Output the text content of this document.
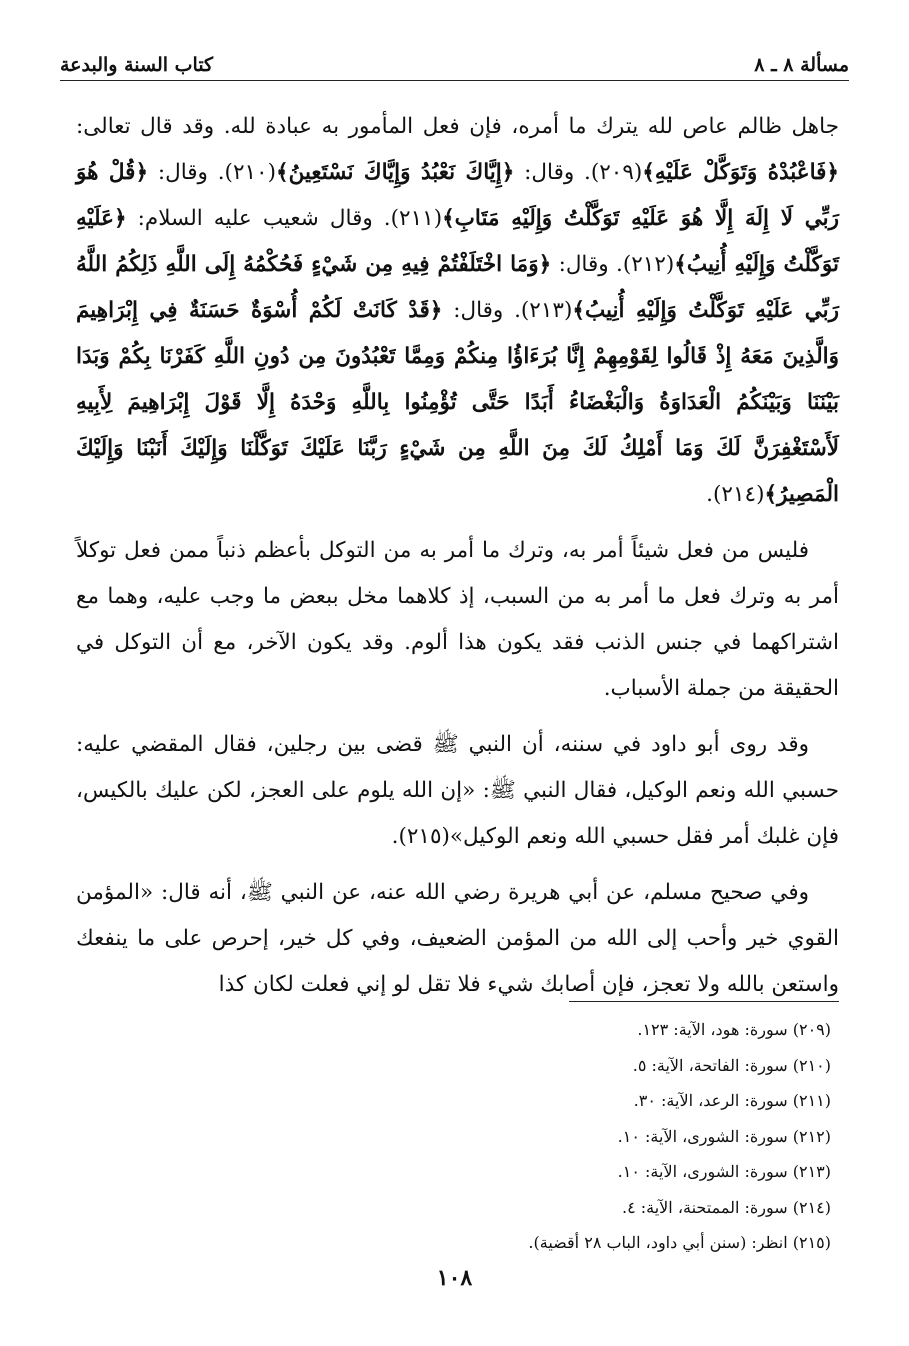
مسألة ٨ ـ ٨
كتاب السنة والبدعة

جاهل ظالم عاص لله يترك ما أمره، فإن فعل المأمور به عبادة لله. وقد قال تعالى: ﴿فَاعْبُدْهُ وَتَوَكَّلْ عَلَيْهِ﴾(٢٠٩). وقال: ﴿إِيَّاكَ نَعْبُدُ وَإِيَّاكَ نَسْتَعِينُ﴾(٢١٠). وقال: ﴿قُلْ هُوَ رَبِّي لَا إِلَهَ إِلَّا هُوَ عَلَيْهِ تَوَكَّلْتُ وَإِلَيْهِ مَتَابِ﴾(٢١١). وقال شعيب عليه السلام: ﴿عَلَيْهِ تَوَكَّلْتُ وَإِلَيْهِ أُنِيبُ﴾(٢١٢). وقال: ﴿وَمَا اخْتَلَفْتُمْ فِيهِ مِن شَيْءٍ فَحُكْمُهُ إِلَى اللَّهِ ذَلِكُمُ اللَّهُ رَبِّي عَلَيْهِ تَوَكَّلْتُ وَإِلَيْهِ أُنِيبُ﴾(٢١٣). وقال: ﴿قَدْ كَانَتْ لَكُمْ أُسْوَةٌ حَسَنَةٌ فِي إِبْرَاهِيمَ وَالَّذِينَ مَعَهُ إِذْ قَالُوا لِقَوْمِهِمْ إِنَّا بُرَءَاؤُا مِنكُمْ وَمِمَّا تَعْبُدُونَ مِن دُونِ اللَّهِ كَفَرْنَا بِكُمْ وَبَدَا بَيْنَنَا وَبَيْنَكُمُ الْعَدَاوَةُ وَالْبَغْضَاءُ أَبَدًا حَتَّى تُؤْمِنُوا بِاللَّهِ وَحْدَهُ إِلَّا قَوْلَ إِبْرَاهِيمَ لِأَبِيهِ لَأَسْتَغْفِرَنَّ لَكَ وَمَا أَمْلِكُ لَكَ مِنَ اللَّهِ مِن شَيْءٍ رَبَّنَا عَلَيْكَ تَوَكَّلْنَا وَإِلَيْكَ أَنَبْنَا وَإِلَيْكَ الْمَصِيرُ﴾(٢١٤).

فليس من فعل شيئاً أمر به، وترك ما أمر به من التوكل بأعظم ذنباً ممن فعل توكلاً أمر به وترك فعل ما أمر به من السبب، إذ كلاهما مخل ببعض ما وجب عليه، وهما مع اشتراكهما في جنس الذنب فقد يكون هذا ألوم. وقد يكون الآخر، مع أن التوكل في الحقيقة من جملة الأسباب.

وقد روى أبو داود في سننه، أن النبي ﷺ قضى بين رجلين، فقال المقضي عليه: حسبي الله ونعم الوكيل، فقال النبي ﷺ: «إن الله يلوم على العجز، لكن عليك بالكيس، فإن غلبك أمر فقل حسبي الله ونعم الوكيل»(٢١٥).

وفي صحيح مسلم، عن أبي هريرة رضي الله عنه، عن النبي ﷺ، أنه قال: «المؤمن القوي خير وأحب إلى الله من المؤمن الضعيف، وفي كل خير، إحرص على ما ينفعك واستعن بالله ولا تعجز، فإن أصابك شيء فلا تقل لو إني فعلت لكان كذا

(٢٠٩) سورة: هود، الآية: ١٢٣.
(٢١٠) سورة: الفاتحة، الآية: ٥.
(٢١١) سورة: الرعد، الآية: ٣٠.
(٢١٢) سورة: الشورى، الآية: ١٠.
(٢١٣) سورة: الشورى، الآية: ١٠.
(٢١٤) سورة: الممتحنة، الآية: ٤.
(٢١٥) انظر: (سنن أبي داود، الباب ٢٨ أقضية).
١٠٨
